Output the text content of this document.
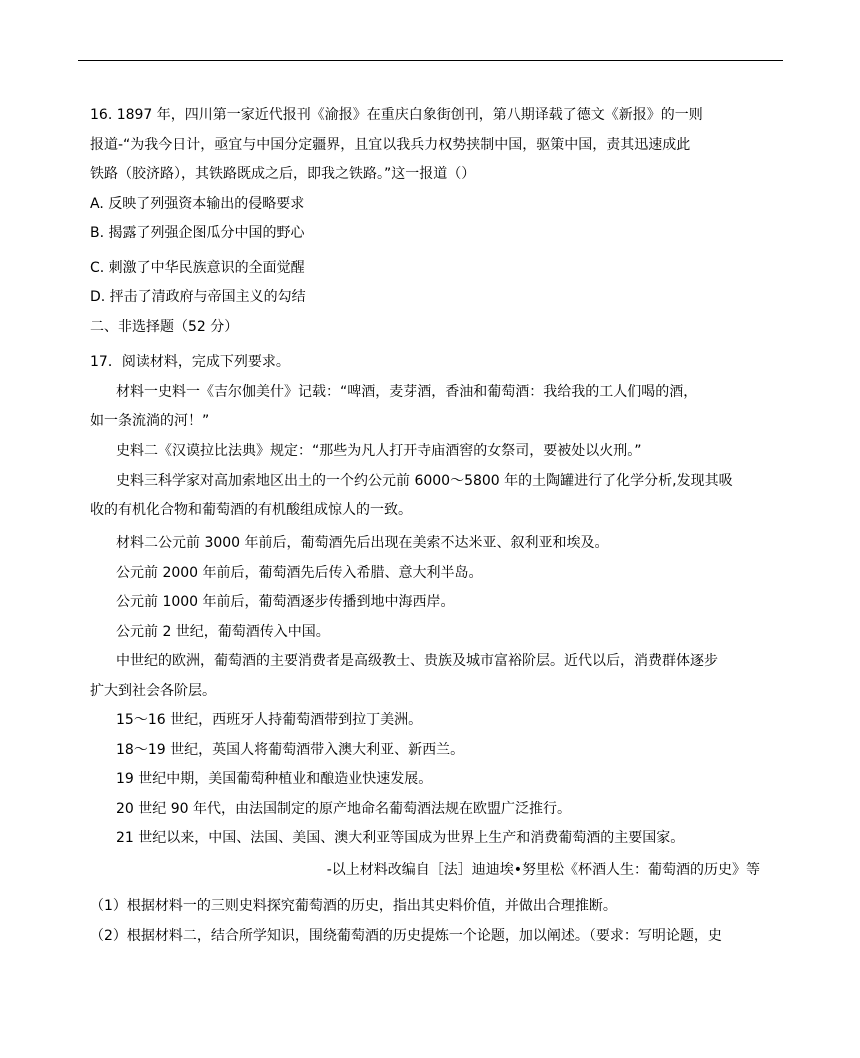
16. 1897 年，四川第一家近代报刊《渝报》在重庆白象街创刊，第八期译载了德文《新报》的一则
报道-“为我今日计，亟宜与中国分定疆界，且宜以我兵力权势挟制中国，驱策中国，责其迅速成此
铁路（胶济路），其铁路既成之后，即我之铁路。”这一报道（）
A. 反映了列强资本输出的侵略要求
B. 揭露了列强企图瓜分中国的野心
C. 刺激了中华民族意识的全面觉醒
D. 抨击了清政府与帝国主义的勾结
二、非选择题（52 分）
17．阅读材料，完成下列要求。
材料一史料一《吉尔伽美什》记载：“啤酒，麦芽酒，香油和葡萄酒：我给我的工人们喝的酒，
如一条流淌的河！”
史料二《汉谟拉比法典》规定：“那些为凡人打开寺庙酒窖的女祭司，要被处以火刑。”
史料三科学家对高加索地区出土的一个约公元前 6000～5800 年的土陶罐进行了化学分析,发现其吸
收的有机化合物和葡萄酒的有机酸组成惊人的一致。
材料二公元前 3000 年前后，葡萄酒先后出现在美索不达米亚、叙利亚和埃及。
公元前 2000 年前后，葡萄酒先后传入希腊、意大利半岛。
公元前 1000 年前后，葡萄酒逐步传播到地中海西岸。
公元前 2 世纪，葡萄酒传入中国。
中世纪的欧洲，葡萄酒的主要消费者是高级教士、贵族及城市富裕阶层。近代以后，消费群体逐步
扩大到社会各阶层。
15～16 世纪，西班牙人持葡萄酒带到拉丁美洲。
18～19 世纪，英国人将葡萄酒带入澳大利亚、新西兰。
19 世纪中期，美国葡萄种植业和酿造业快速发展。
20 世纪 90 年代，由法国制定的原产地命名葡萄酒法规在欧盟广泛推行。
21 世纪以来，中国、法国、美国、澳大利亚等国成为世界上生产和消费葡萄酒的主要国家。
-以上材料改编自［法］迪迪埃•努里松《杯酒人生：葡萄酒的历史》等
（1）根据材料一的三则史料探究葡萄酒的历史，指出其史料价值，并做出合理推断。
（2）根据材料二，结合所学知识，围绕葡萄酒的历史提炼一个论题，加以阐述。（要求：写明论题，史
